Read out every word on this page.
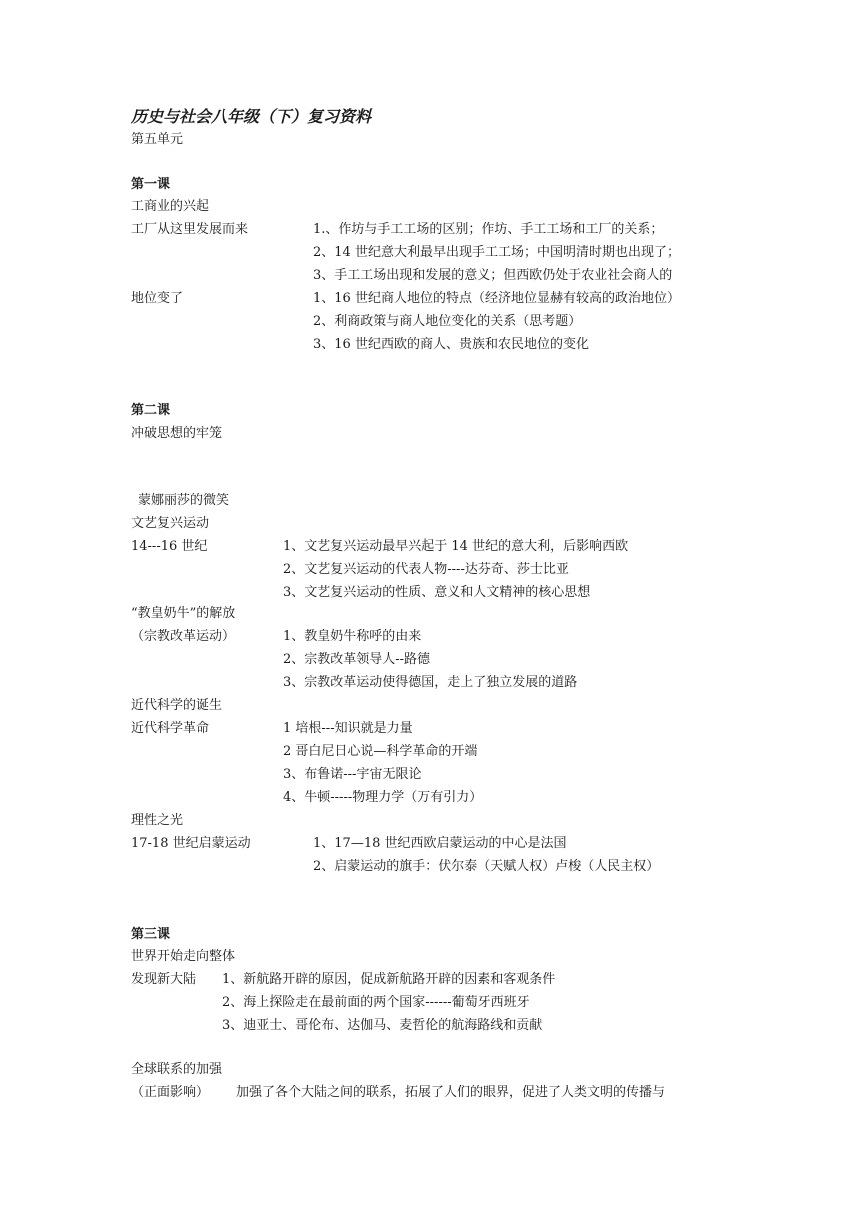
历史与社会八年级（下）复习资料
第五单元
第一课
工商业的兴起
工厂从这里发展而来	1.、作坊与手工工场的区别；作坊、手工工场和工厂的关系；
2、14 世纪意大利最早出现手工工场；中国明清时期也出现了；
3、手工工场出现和发展的意义；但西欧仍处于农业社会商人的
地位变了	1、16 世纪商人地位的特点（经济地位显赫有较高的政治地位）
2、利商政策与商人地位变化的关系（思考题）
3、16 世纪西欧的商人、贵族和农民地位的变化
第二课
冲破思想的牢笼
蒙娜丽莎的微笑
文艺复兴运动
14---16 世纪	1、文艺复兴运动最早兴起于 14 世纪的意大利，后影响西欧
2、文艺复兴运动的代表人物----达芬奇、莎士比亚
3、文艺复兴运动的性质、意义和人文精神的核心思想
“教皇奶牛”的解放
（宗教改革运动）	1、教皇奶牛称呼的由来
2、宗教改革领导人--路德
3、宗教改革运动使得德国，走上了独立发展的道路
近代科学的诞生
近代科学革命	1 培根---知识就是力量
2 哥白尼日心说—科学革命的开端
3、布鲁诺---宇宙无限论
4、牛顿-----物理力学（万有引力）
理性之光
17-18 世纪启蒙运动	1、17—18 世纪西欧启蒙运动的中心是法国
2、启蒙运动的旗手：伏尔泰（天赋人权）卢梭（人民主权）
第三课
世界开始走向整体
发现新大陆 1、新航路开辟的原因，促成新航路开辟的因素和客观条件
2、海上探险走在最前面的两个国家------葡萄牙西班牙
3、迪亚士、哥伦布、达伽马、麦哲伦的航海路线和贡献
全球联系的加强
（正面影响） 加强了各个大陆之间的联系，拓展了人们的眼界，促进了人类文明的传播与
